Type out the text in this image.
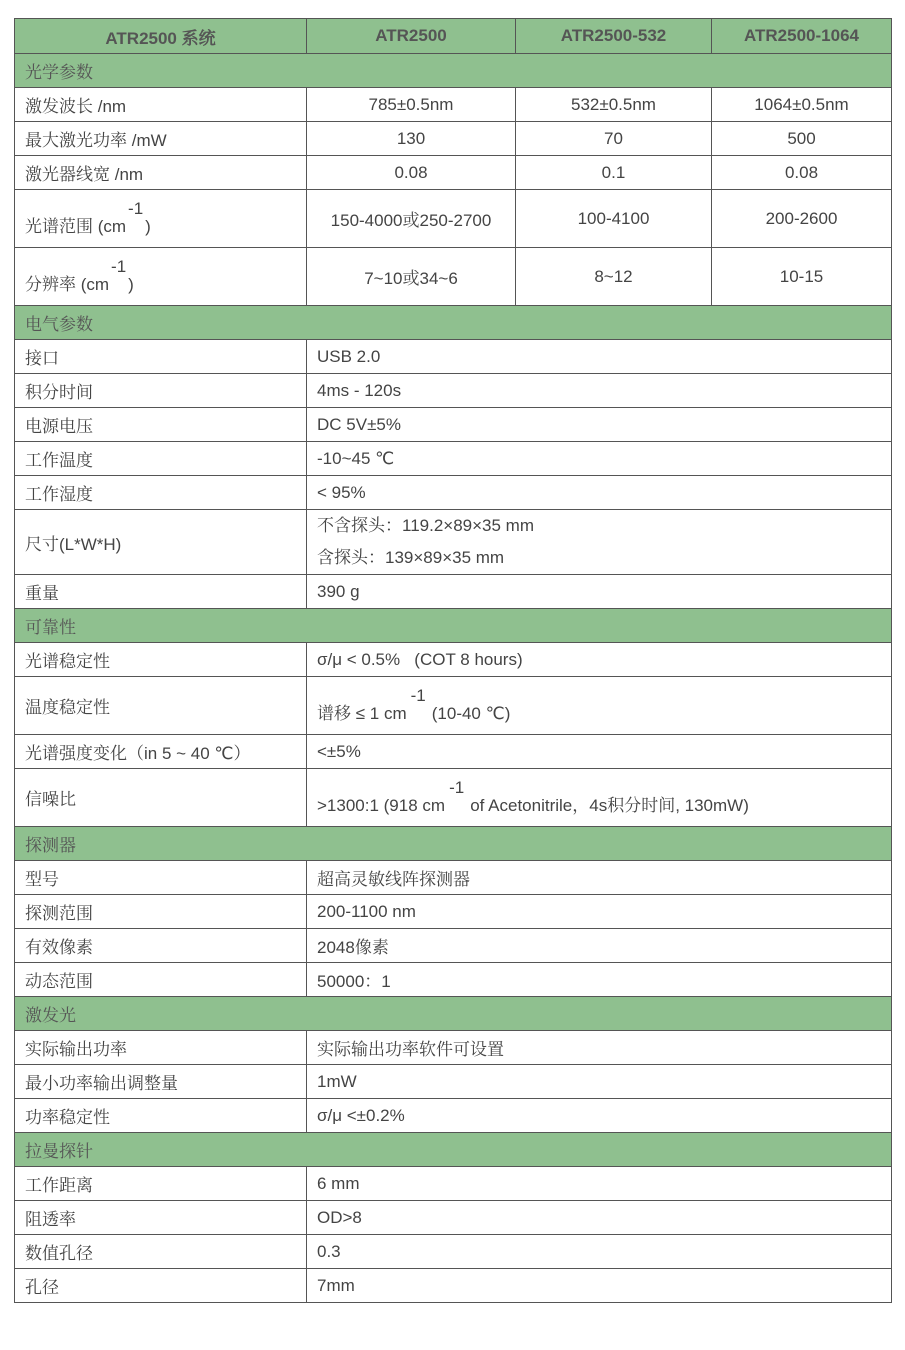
ATR2500 系统	ATR2500	ATR2500-532	ATR2500-1064
光学参数			
激发波长 /nm	785±0.5nm	532±0.5nm	1064±0.5nm
最大激光功率 /mW	130	70	500
激光器线宽 /nm	0.08	0.1	0.08
光谱范围 (cm-1)	150-4000或250-2700	100-4100	200-2600
分辨率 (cm-1)	7~10或34~6	8~12	10-15
电气参数			
接口	USB 2.0		
积分时间	4ms - 120s		
电源电压	DC 5V±5%		
工作温度	-10~45 ℃		
工作湿度	< 95%		
尺寸(L*W*H)	不含探头：119.2×89×35 mm
含探头：139×89×35 mm		

重量	390 g		
可靠性			
光谱稳定性	σ/μ < 0.5%   (COT 8 hours)		
温度稳定性	谱移 ≤ 1 cm-1(10-40 ℃)		
光谱强度变化（in 5 ~ 40 ℃）	<±5%		
信噪比	>1300:1 (918 cm-1of Acetonitrile，4s积分时间, 130mW)		
探测器			
型号	超高灵敏线阵探测器		
探测范围	200-1100 nm		
有效像素	2048像素		
动态范围	50000：1		
激发光			
实际输出功率	实际输出功率软件可设置		
最小功率输出调整量	1mW		
功率稳定性	σ/μ <±0.2%		
拉曼探针			
工作距离	6 mm		
阻透率	OD>8		
数值孔径	0.3		
孔径	7mm		
